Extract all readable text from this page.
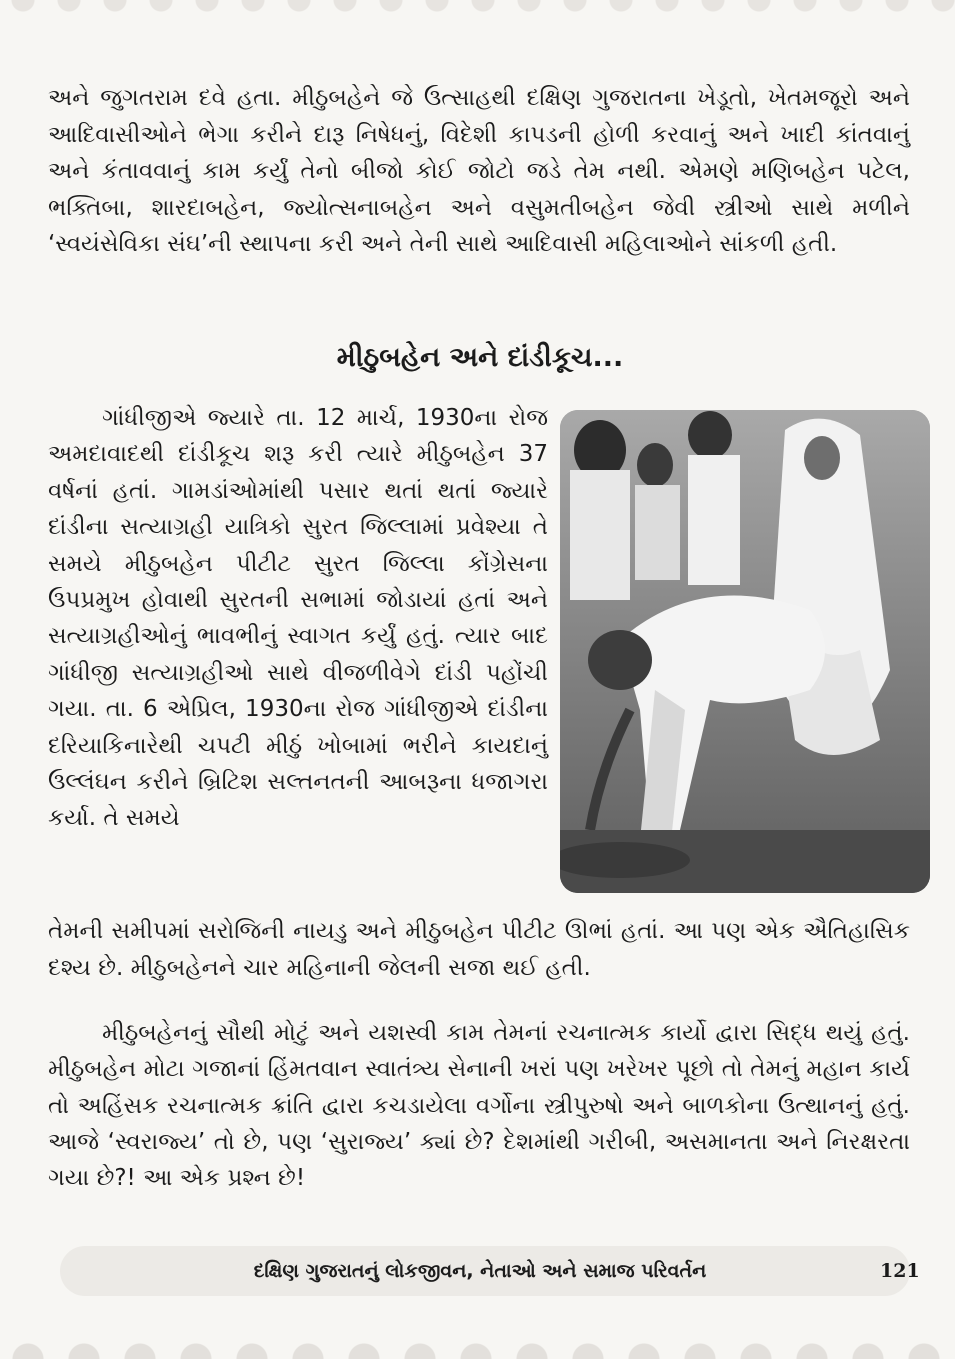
અને જુગતરામ દવે હતા. મીઠુબહેને જે ઉત્સાહથી દક્ષિણ ગુજરાતના ખેડૂતો, ખેતમજૂરો અને આદિવાસીઓને ભેગા કરીને દારૂ નિષેધનું, વિદેશી કાપડની હોળી કરવાનું અને ખાદી કાંતવાનું અને કંતાવવાનું કામ કર્યું તેનો બીજો કોઈ જોટો જડે તેમ નથી. એમણે મણિબહેન પટેલ, ભક્તિબા, શારદાબહેન, જ્યોત્સનાબહેન અને વસુમતીબહેન જેવી સ્ત્રીઓ સાથે મળીને ‘સ્વયંસેવિકા સંઘ’ની સ્થાપના કરી અને તેની સાથે આદિવાસી મહિલાઓને સાંકળી હતી.

મીઠુબહેન અને દાંડીકૂચ...

ગાંધીજીએ જ્યારે તા. 12 માર્ચ, 1930ના રોજ અમદાવાદથી દાંડીકૂચ શરૂ કરી ત્યારે મીઠુબહેન 37 વર્ષનાં હતાં. ગામડાંઓમાંથી પસાર થતાં થતાં જ્યારે દાંડીના સત્યાગ્રહી યાત્રિકો સુરત જિલ્લામાં પ્રવેશ્યા તે સમયે મીઠુબહેન પીટીટ સુરત જિલ્લા કોંગ્રેસના ઉપપ્રમુખ હોવાથી સુરતની સભામાં જોડાયાં હતાં અને સત્યાગ્રહીઓનું ભાવભીનું સ્વાગત કર્યું હતું. ત્યાર બાદ ગાંધીજી સત્યાગ્રહીઓ સાથે વીજળીવેગે દાંડી પહોંચી ગયા. તા. 6 એપ્રિલ, 1930ના રોજ ગાંધીજીએ દાંડીના દરિયાકિનારેથી ચપટી મીઠું ખોબામાં ભરીને કાયદાનું ઉલ્લંઘન કરીને બ્રિટિશ સલ્તનતની આબરૂના ધજાગરા કર્યા. તે સમયે

તેમની સમીપમાં સરોજિની નાયડુ અને મીઠુબહેન પીટીટ ઊભાં હતાં. આ પણ એક ઐતિહાસિક દશ્ય છે. મીઠુબહેનને ચાર મહિનાની જેલની સજા થઈ હતી.

મીઠુબહેનનું સૌથી મોટું અને યશસ્વી કામ તેમનાં રચનાત્મક કાર્યો દ્વારા સિદ્ધ થયું હતું. મીઠુબહેન મોટા ગજાનાં હિંમતવાન સ્વાતંત્ર્ય સેનાની ખરાં પણ ખરેખર પૂછો તો તેમનું મહાન કાર્ય તો અહિંસક રચનાત્મક ક્રાંતિ દ્વારા કચડાયેલા વર્ગોના સ્ત્રીપુરુષો અને બાળકોના ઉત્થાનનું હતું. આજે ‘સ્વરાજ્ય’ તો છે, પણ ‘સુરાજ્ય’ ક્યાં છે? દેશમાંથી ગરીબી, અસમાનતા અને નિરક્ષરતા ગયા છે?! આ એક પ્રશ્ન છે!

દક્ષિણ ગુજરાતનું લોકજીવન, નેતાઓ અને સમાજ પરિવર્તન	121
